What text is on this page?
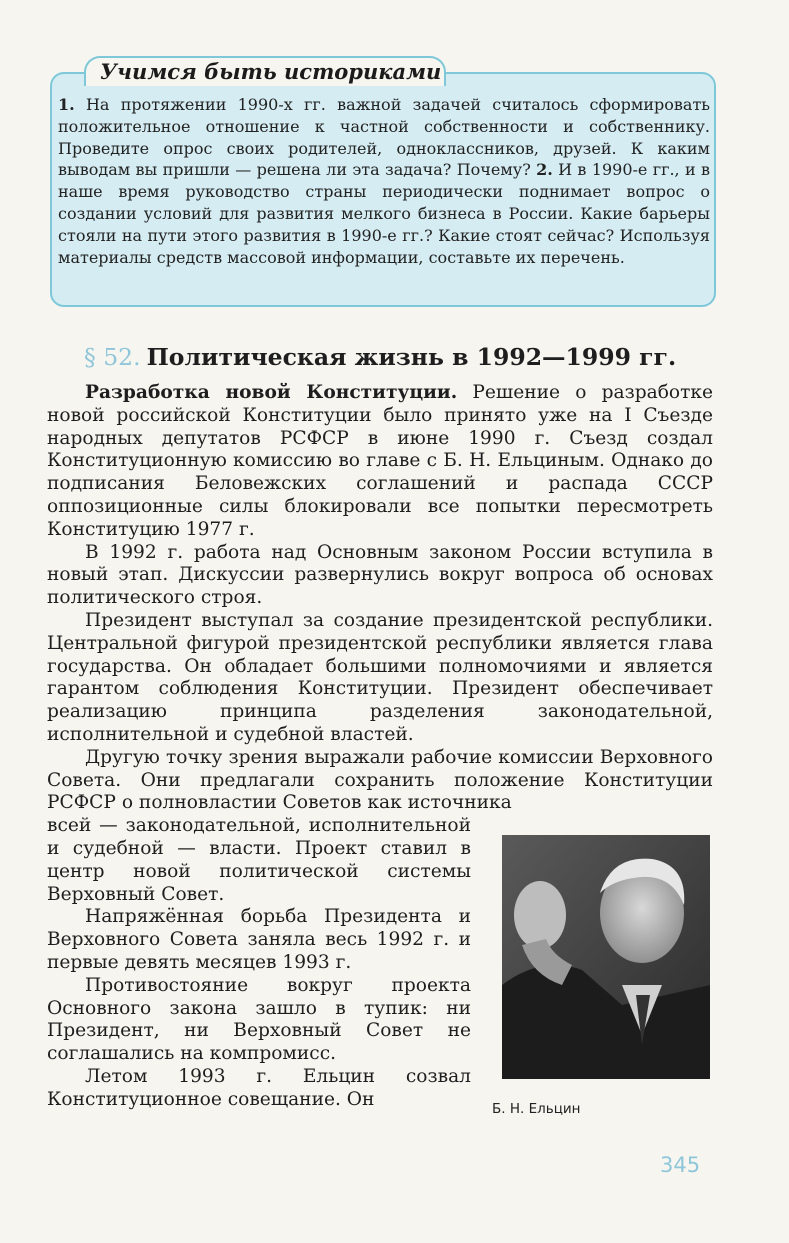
Учимся быть историками
1. На протяжении 1990-х гг. важной задачей считалось сформировать положительное отношение к частной собственности и собственнику. Проведите опрос своих родителей, одноклассников, друзей. К каким выводам вы пришли — решена ли эта задача? Почему? 2. И в 1990-е гг., и в наше время руководство страны периодически поднимает вопрос о создании условий для развития мелкого бизнеса в России. Какие барьеры стояли на пути этого развития в 1990-е гг.? Какие стоят сейчас? Используя материалы средств массовой информации, составьте их перечень.
§ 52. Политическая жизнь в 1992—1999 гг.

Разработка новой Конституции. Решение о разработке новой российской Конституции было принято уже на I Съезде народных депутатов РСФСР в июне 1990 г. Съезд создал Конституционную комиссию во главе с Б. Н. Ельциным. Однако до подписания Беловежских соглашений и распада СССР оппозиционные силы блокировали все попытки пересмотреть Конституцию 1977 г.

В 1992 г. работа над Основным законом России вступила в новый этап. Дискуссии развернулись вокруг вопроса об основах политического строя.

Президент выступал за создание президентской республики. Центральной фигурой президентской республики является глава государства. Он обладает большими полномочиями и является гарантом соблюдения Конституции. Президент обеспечивает реализацию принципа разделения законодательной, исполнительной и судебной властей.

Другую точку зрения выражали рабочие комиссии Верховного Совета. Они предлагали сохранить положение Конституции РСФСР о полновластии Советов как источника

всей — законодательной, исполнительной и судебной — власти. Проект ставил в центр новой политической системы Верховный Совет.

Напряжённая борьба Президента и Верховного Совета заняла весь 1992 г. и первые девять месяцев 1993 г.

Противостояние вокруг проекта Основного закона зашло в тупик: ни Президент, ни Верховный Совет не соглашались на компромисс.

Летом 1993 г. Ельцин созвал Конституционное совещание. Он	Б. Н. Ельцин
345
